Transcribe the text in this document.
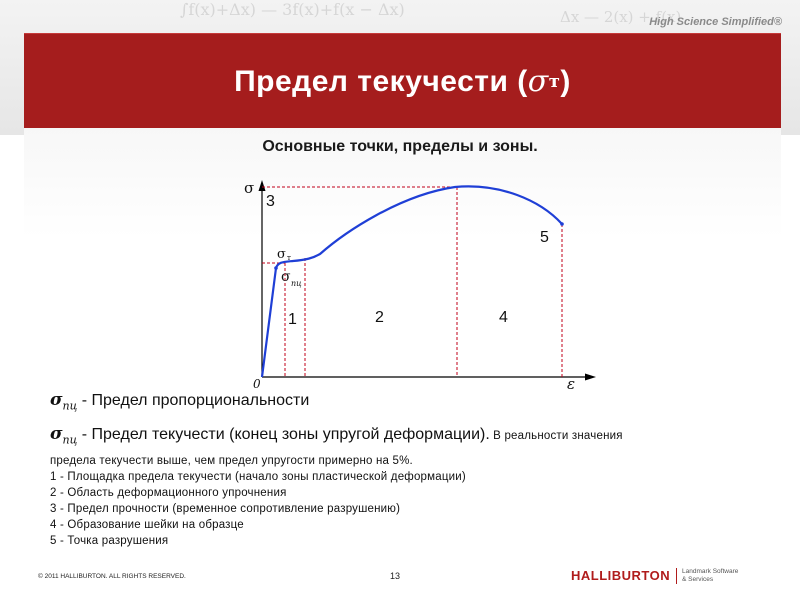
∫f(x)+Δx) — 3f(x)+f(x − Δx)	Δx — 2(x) + f(x)
High Science Simplified®
Предел текучести ( σ т )
Основные точки, пределы и зоны.
σ
ε
0
σ т
σ пц
1	2
3
4
5
$\sigma_{пц}$ - Предел пропорциональности
$\sigma_{пц}$ - Предел текучести (конец зоны упругой деформации). В реальности значения
предела текучести выше, чем предел упругости примерно на 5%.
1 - Площадка предела текучести (начало зоны пластической деформации)
2 - Область деформационного упрочнения
3 - Предел прочности (временное сопротивление разрушению)
4 - Образование шейки на образце
5 - Точка разрушения
© 2011 HALLIBURTON. ALL RIGHTS RESERVED.	13	HALLIBURTON Landmark Software
& Services
